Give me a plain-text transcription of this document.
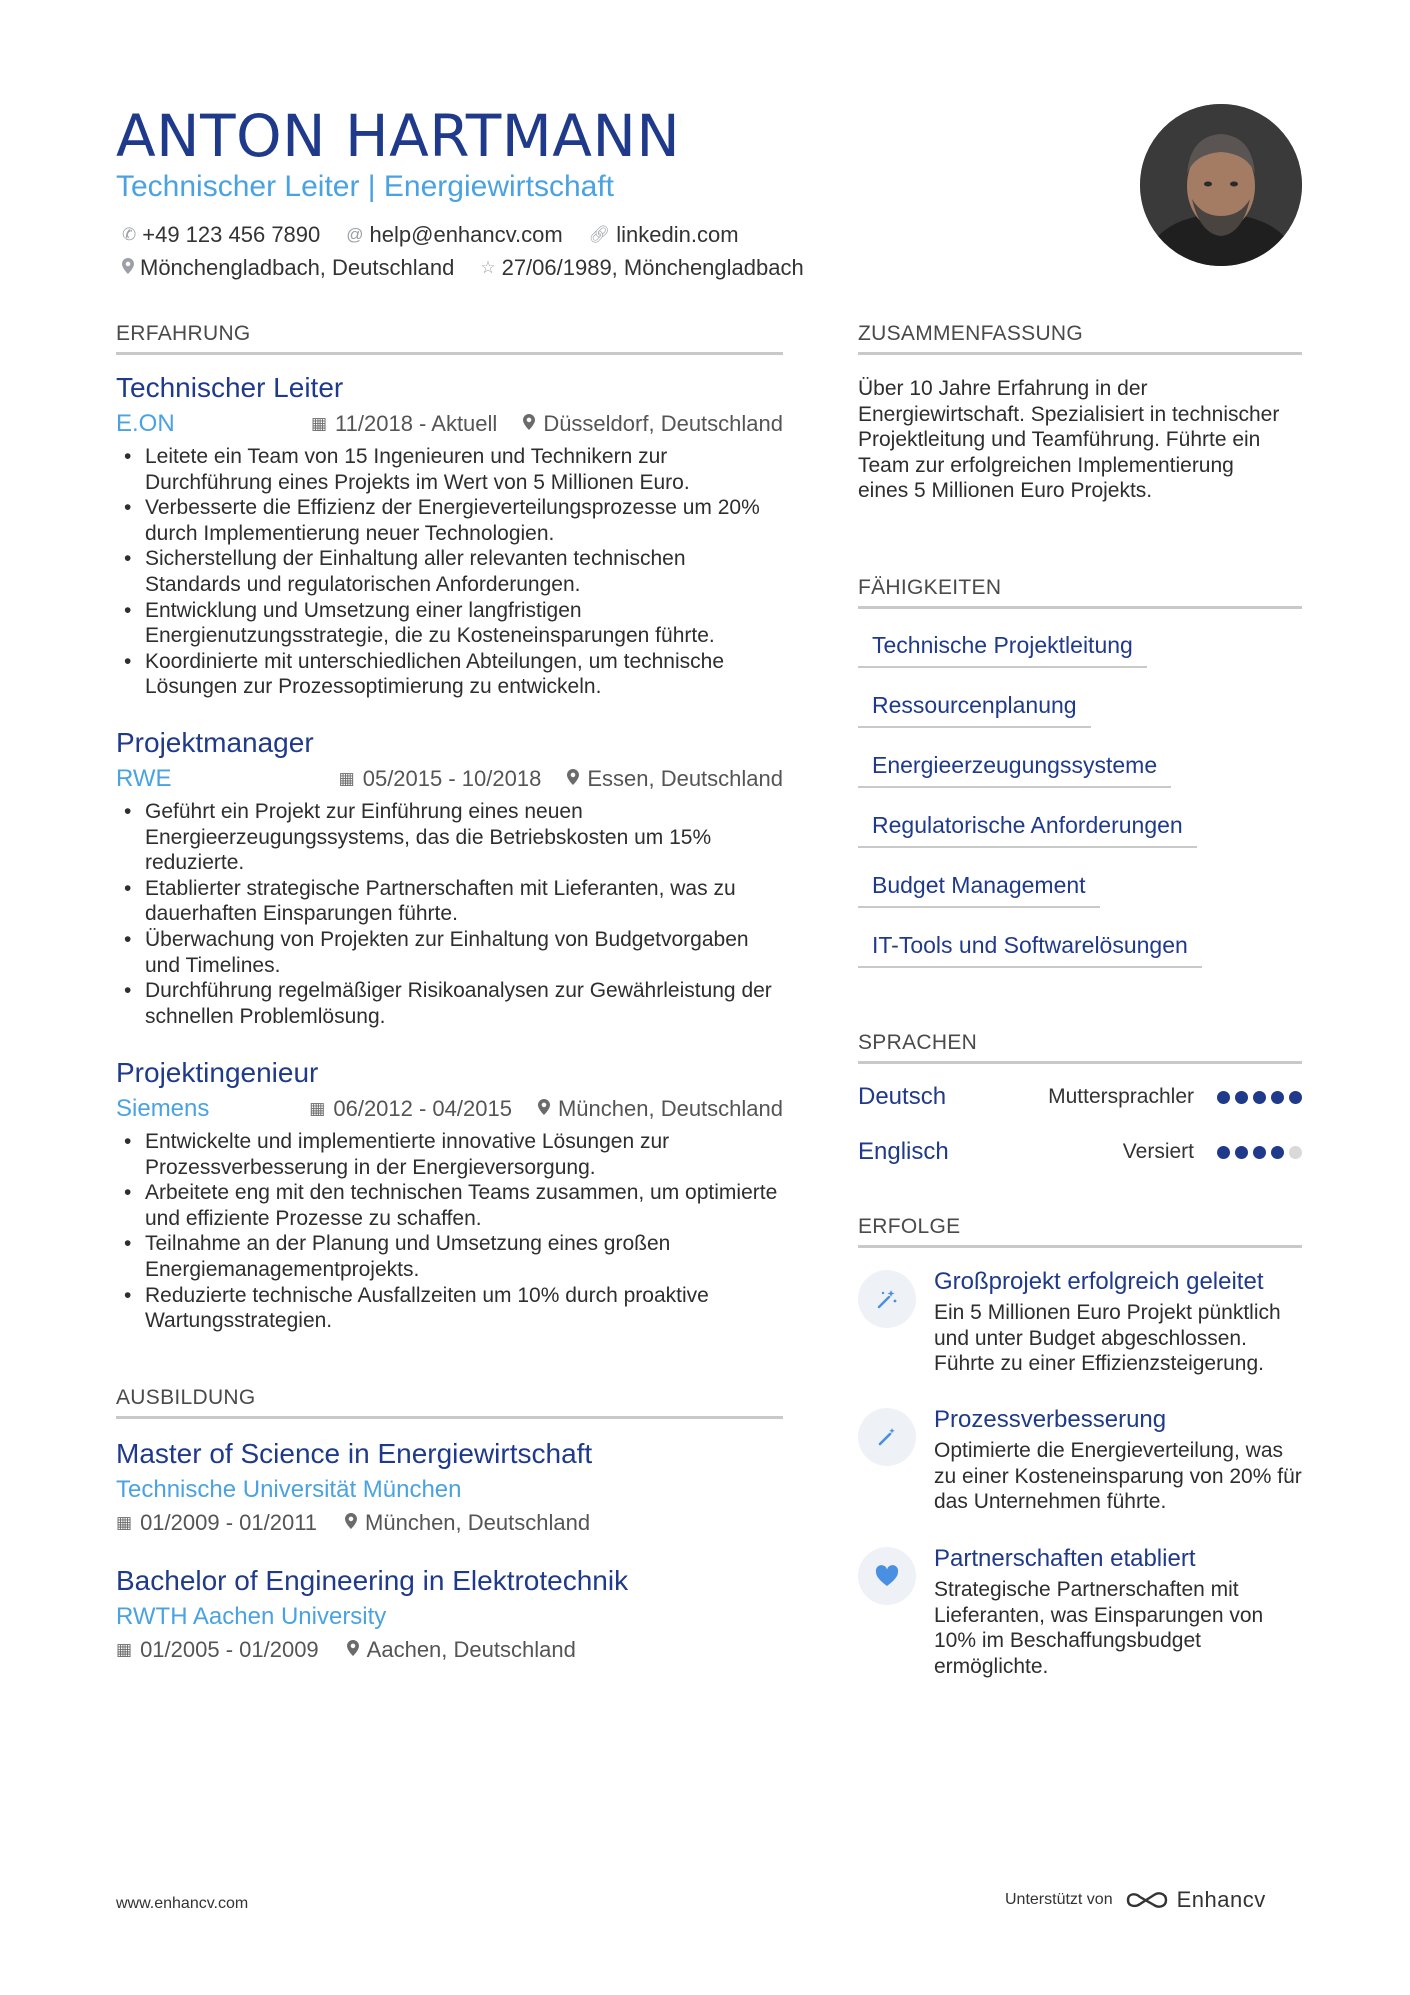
ANTON HARTMANN
Technischer Leiter | Energiewirtschaft
✆ +49 123 456 7890 @ help@enhancv.com 🔗︎ linkedin.com
Mönchengladbach, Deutschland ☆ 27/06/1989, Mönchengladbach
ERFAHRUNG
Technischer Leiter
E.ON	▦ 11/2018 - Aktuell Düsseldorf, Deutschland
• Leitete ein Team von 15 Ingenieuren und Technikern zur Durchführung eines Projekts im Wert von 5 Millionen Euro.
• Verbesserte die Effizienz der Energieverteilungsprozesse um 20% durch Implementierung neuer Technologien.
• Sicherstellung der Einhaltung aller relevanten technischen Standards und regulatorischen Anforderungen.
• Entwicklung und Umsetzung einer langfristigen Energienutzungsstrategie, die zu Kosteneinsparungen führte.
• Koordinierte mit unterschiedlichen Abteilungen, um technische Lösungen zur Prozessoptimierung zu entwickeln.
Projektmanager
RWE	▦ 05/2015 - 10/2018 Essen, Deutschland
• Geführt ein Projekt zur Einführung eines neuen Energieerzeugungssystems, das die Betriebskosten um 15% reduzierte.
• Etablierter strategische Partnerschaften mit Lieferanten, was zu dauerhaften Einsparungen führte.
• Überwachung von Projekten zur Einhaltung von Budgetvorgaben und Timelines.
• Durchführung regelmäßiger Risikoanalysen zur Gewährleistung der schnellen Problemlösung.
Projektingenieur
Siemens	▦ 06/2012 - 04/2015 München, Deutschland
• Entwickelte und implementierte innovative Lösungen zur Prozessverbesserung in der Energieversorgung.
• Arbeitete eng mit den technischen Teams zusammen, um optimierte und effiziente Prozesse zu schaffen.
• Teilnahme an der Planung und Umsetzung eines großen Energiemanagementprojekts.
• Reduzierte technische Ausfallzeiten um 10% durch proaktive Wartungsstrategien.
AUSBILDUNG
Master of Science in Energiewirtschaft
Technische Universität München
▦ 01/2009 - 01/2011 München, Deutschland
Bachelor of Engineering in Elektrotechnik
RWTH Aachen University
▦ 01/2005 - 01/2009 Aachen, Deutschland
ZUSAMMENFASSUNG
Über 10 Jahre Erfahrung in der Energiewirtschaft. Spezialisiert in technischer Projektleitung und Teamführung. Führte ein Team zur erfolgreichen Implementierung eines 5 Millionen Euro Projekts.
FÄHIGKEITEN
Technische Projektleitung
Ressourcenplanung
Energieerzeugungssysteme
Regulatorische Anforderungen
Budget Management
IT-Tools und Softwarelösungen
SPRACHEN
Deutsch	Muttersprachler
Englisch	Versiert
ERFOLGE
Großprojekt erfolgreich geleitet
Ein 5 Millionen Euro Projekt pünktlich und unter Budget abgeschlossen. Führte zu einer Effizienzsteigerung.
Prozessverbesserung
Optimierte die Energieverteilung, was zu einer Kosteneinsparung von 20% für das Unternehmen führte.
Partnerschaften etabliert
Strategische Partnerschaften mit Lieferanten, was Einsparungen von 10% im Beschaffungsbudget ermöglichte.
www.enhancv.com	Unterstützt von	Enhancv
